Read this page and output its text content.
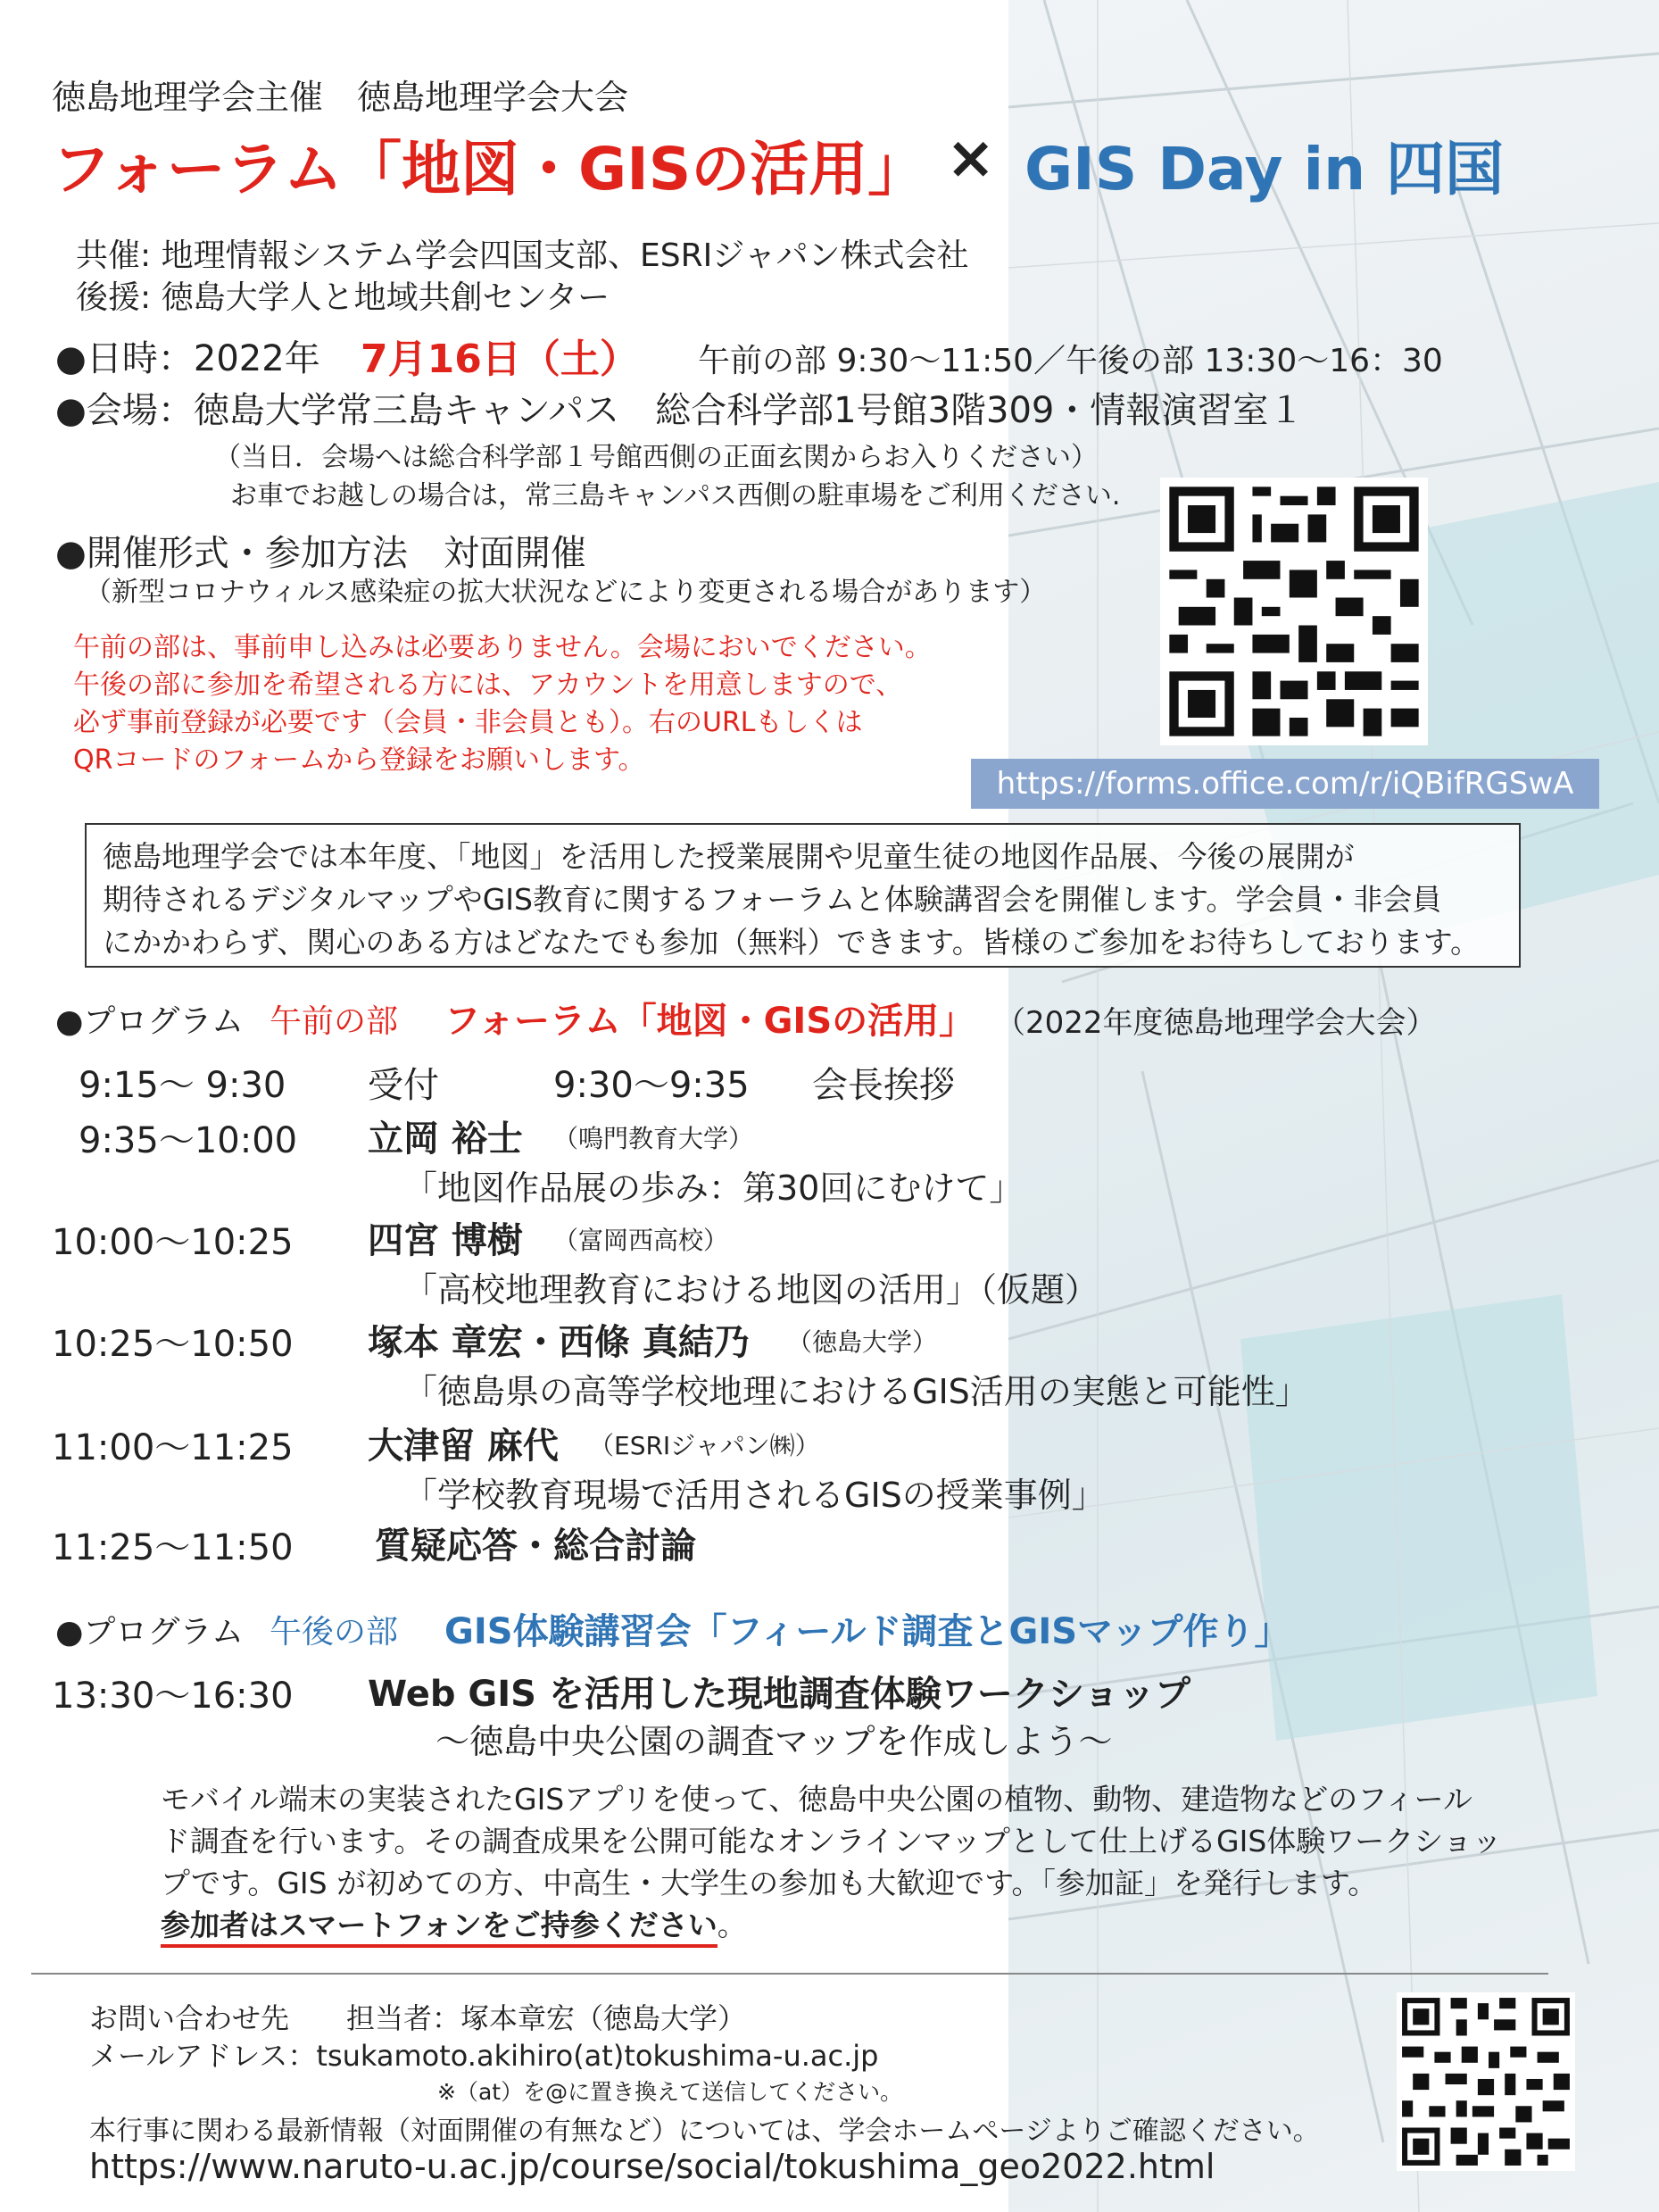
徳島地理学会主催　徳島地理学会大会
フォーラム「地図・GISの活用」 × GIS Day in 四国
共催: 地理情報システム学会四国支部、ESRIジャパン株式会社
後援: 徳島大学人と地域共創センター
●日時：2022年 7月16日（土） 午前の部 9:30～11:50／午後の部 13:30～16：30
●会場：徳島大学常三島キャンパス　総合科学部1号館3階309・情報演習室１
（当日．会場へは総合科学部１号館西側の正面玄関からお入りください）
お車でお越しの場合は，常三島キャンパス西側の駐車場をご利用ください.
●開催形式・参加方法　対面開催
（新型コロナウィルス感染症の拡大状況などにより変更される場合があります）
午前の部は、事前申し込みは必要ありません。会場においでください。
午後の部に参加を希望される方には、アカウントを用意しますので、
必ず事前登録が必要です（会員・非会員とも）。右のURLもしくは
QRコードのフォームから登録をお願いします。
https://forms.office.com/r/iQBifRGSwA
徳島地理学会では本年度、「地図」を活用した授業展開や児童生徒の地図作品展、今後の展開が
期待されるデジタルマップやGIS教育に関するフォーラムと体験講習会を開催します。学会員・非会員
にかかわらず、関心のある方はどなたでも参加（無料）できます。皆様のご参加をお待ちしております。
●プログラム 午前の部 フォーラム「地図・GISの活用」 （2022年度徳島地理学会大会）
9:15～ 9:30 受付	9:30～9:35 会長挨拶
9:35～10:00 立岡 裕士 （鳴門教育大学）
「地図作品展の歩み：第30回にむけて」
10:00～10:25 四宮 博樹 （富岡西高校）
「高校地理教育における地図の活用」（仮題）
10:25～10:50 塚本 章宏・西條 真結乃 （徳島大学）
「徳島県の高等学校地理におけるGIS活用の実態と可能性」
11:00～11:25 大津留 麻代 （ESRIジャパン㈱）
「学校教育現場で活用されるGISの授業事例」
11:25～11:50 質疑応答・総合討論
●プログラム 午後の部 GIS体験講習会「フィールド調査とGISマップ作り」
13:30～16:30 Web GIS を活用した現地調査体験ワークショップ
～徳島中央公園の調査マップを作成しよう～
モバイル端末の実装されたGISアプリを使って、徳島中央公園の植物、動物、建造物などのフィール
ド調査を行います。その調査成果を公開可能なオンラインマップとして仕上げるGIS体験ワークショッ
プです。GIS が初めての方、中高生・大学生の参加も大歓迎です。「参加証」を発行します。
参加者はスマートフォンをご持参ください。
お問い合わせ先　　担当者：塚本章宏（徳島大学）
メールアドレス：tsukamoto.akihiro(at)tokushima-u.ac.jp
※（at）を@に置き換えて送信してください。
本行事に関わる最新情報（対面開催の有無など）については、学会ホームページよりご確認ください。
https://www.naruto-u.ac.jp/course/social/tokushima_geo2022.html
